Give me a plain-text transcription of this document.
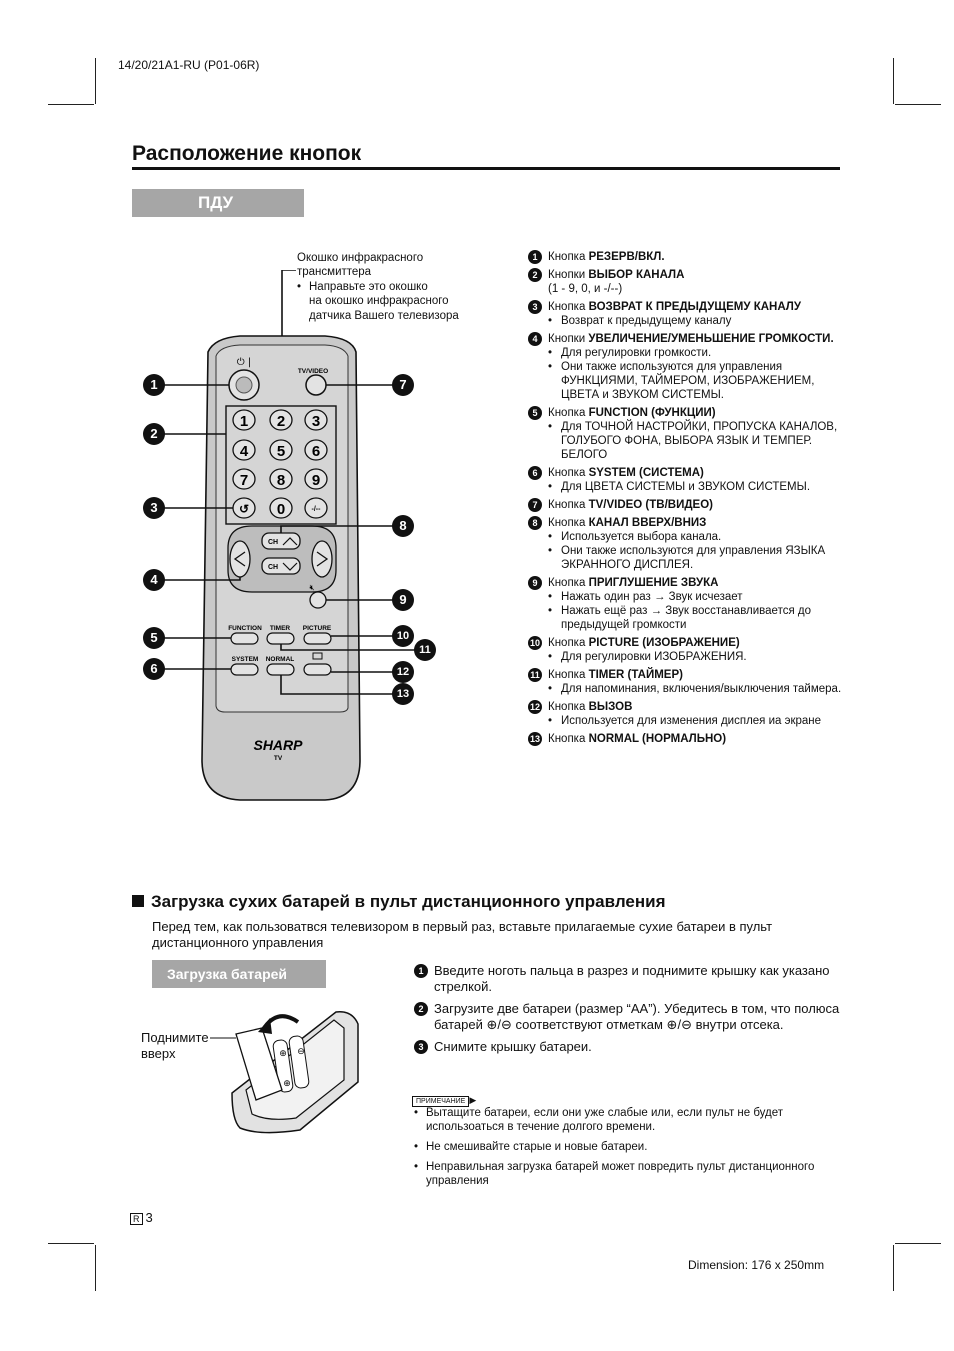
14/20/21A1-RU (P01-06R)
Расположение кнопок
ПДУ
Окошко инфракрасного
трансмиттера
• Направьте это окошко
на окошко инфракрасного
датчика Вашего телевизора
⏻ |
TV/VIDEO
1 2 3
4 5 6
7 8 9
↺ 0	-/--
CH
CH
🔇︎
FUNCTION TIMER PICTURE
SYSTEM NORMAL
SHARP
TV
1
2
3
4
5
6
7
8
9
10
11
12
13
1 Кнопка РЕЗЕРВ/ВКЛ.
2 Кнопки ВЫБОР КАНАЛА
(1 - 9, 0, и -/--)
3 Кнопка ВОЗВРАТ К ПРЕДЫДУЩЕМУ КАНАЛУ
• Возврат к предыдущему каналу
4 Кнопки УВЕЛИЧЕНИЕ/УМЕНЬШЕНИЕ ГРОМКОСТИ.
• Для регулировки громкости.
• Они также используются для управления ФУНКЦИЯМИ, ТАЙМЕРОМ, ИЗОБРАЖЕНИЕМ, ЦВЕТА и ЗВУКОМ СИСТЕМЫ.
5 Кнопка FUNCTION (ФУНКЦИИ)
• Для ТОЧНОЙ НАСТРОЙКИ, ПРОПУСКА КАНАЛОВ, ГОЛУБОГО ФОНА, ВЫБОРА ЯЗЫК И ТЕМПЕР. БЕЛОГО
6 Кнопка SYSTEM (СИСТЕМА)
• Для ЦВЕТА СИСТЕМЫ и ЗВУКОМ СИСТЕМЫ.
7 Кнопка TV/VIDEO (ТВ/ВИДЕО)
8 Кнопка КАНАЛ ВВЕРХ/ВНИЗ
• Используется выбора канала.
• Они также используются для управления ЯЗЫКА ЭКРАННОГО ДИСПЛЕЯ.
9 Кнопка ПРИГЛУШЕНИЕ ЗВУКА
• Нажать один раз → Звук исчезает
• Нажать ещё раз → Звук восстанавливается до предыдущей громкости
10 Кнопка PICTURE (ИЗОБРАЖЕНИЕ)
• Для регулировки ИЗОБРАЖЕНИЯ.
11 Кнопка TIMER (ТАЙМЕР)
• Для напоминания, включения/выключения таймера.
12 Кнопка ВЫЗОВ
• Используется для изменения дисплея иа экране
13 Кнопка NORMAL (НОРМАЛЬНО)
Загрузка сухих батарей в пульт дистанционного управления
Перед тем, как пользоватвся телевизором в первый раз, вставьте прилагаемые сухие батареи в пульт дистанционного управления
Загрузка батарей
Поднимите вверх	⊕ ⊖
⊕
1 Введите ноготь пальца в разрез и поднимите крышку как указано стрелкой.
2 Загрузите две батареи (размер “АА”). Убедитесь в том, что полюса батарей ⊕/⊖ соответствуют отметкам ⊕/⊖ внутри отсека.
3 Снимите крышку батареи.
ПРИМЕЧАНИЕ ▶
• Вытащите батареи, если они уже слабые или, если пульт не будет использоаться в течение долгого времени.
• Не смешивайте старые и новые батареи.
• Неправильная загрузка батарей может повредить пульт дистанционного управления
R 3
Dimension: 176 x 250mm
